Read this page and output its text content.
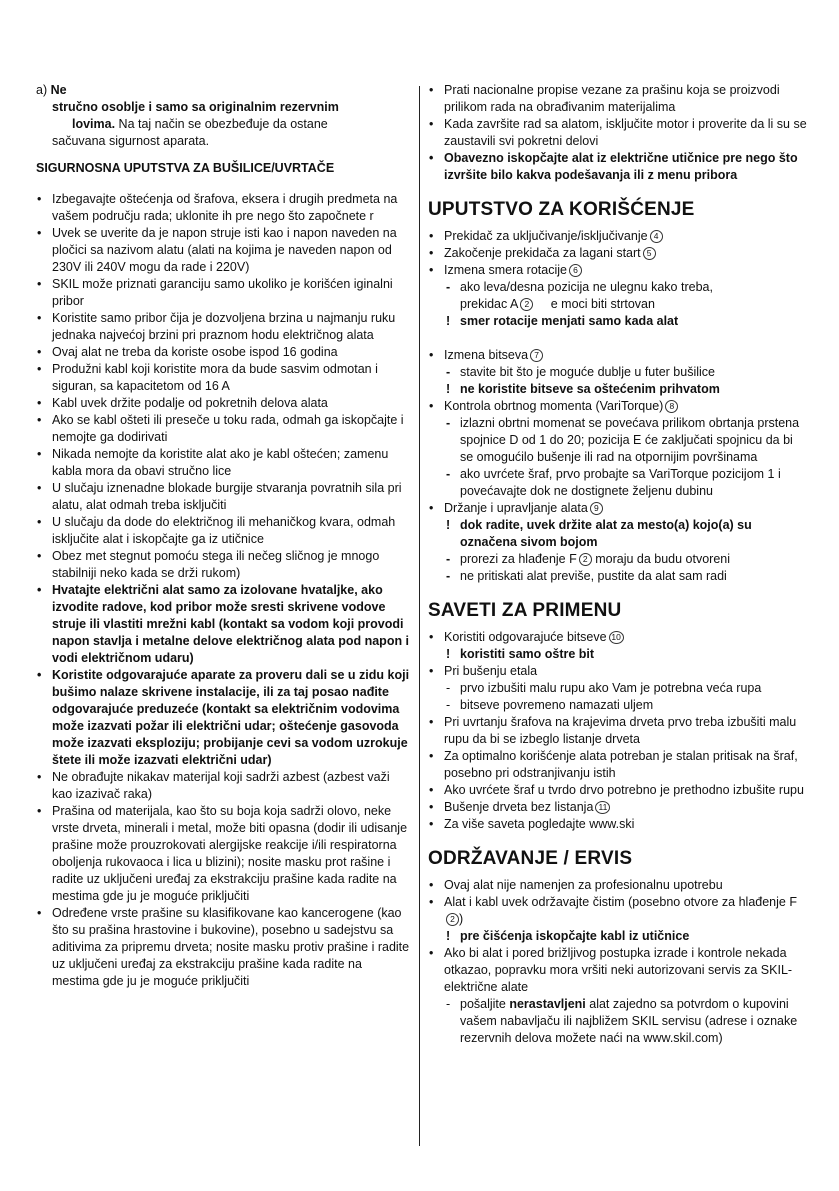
a) Ne

stručno osoblje i samo sa originalnim rezervnim

lovima. Na taj način se obezbeđuje da ostane

sačuvana sigurnost aparata.

SIGURNOSNA UPUTSTVA ZA BUŠILICE/UVRTAČE
• Izbegavajte oštećenja od šrafova, eksera i drugih predmeta na vašem području rada; uklonite ih pre nego što započnete r
• Uvek se uverite da je napon struje isti kao i napon naveden na pločici sa nazivom alatu (alati na kojima je naveden napon od 230V ili 240V mogu da rade i 220V)
• SKIL može priznati garanciju samo ukoliko je korišćen iginalni pribor
• Koristite samo pribor čija je dozvoljena brzina u najmanju ruku jednaka najvećoj brzini pri praznom hodu električnog alata
• Ovaj alat ne treba da koriste osobe ispod 16 godina
• Produžni kabl koji koristite mora da bude sasvim odmotan i siguran, sa kapacitetom od 16 A
• Kabl uvek držite podalje od pokretnih delova alata
• Ako se kabl ošteti ili preseče u toku rada, odmah ga iskopčajte i nemojte ga dodirivati
• Nikada nemojte da koristite alat ako je kabl oštećen; zamenu kabla mora da obavi stručno lice
• U slučaju iznenadne blokade burgije stvaranja povratnih sila pri alatu, alat odmah treba isključiti
• U slučaju da dode do električnog ili mehaničkog kvara, odmah isključite alat i iskopčajte ga iz utičnice
• Obez met stegnut pomoću stega ili nečeg sličnog je mnogo stabilniji neko kada se drži rukom)
• Hvatajte električni alat samo za izolovane hvataljke, ako izvodite radove, kod pribor može sresti skrivene vodove struje ili vlastiti mrežni kabl (kontakt sa vodom koji provodi napon stavlja i metalne delove električnog alata pod napon i vodi električnom udaru)
• Koristite odgovarajuće aparate za proveru dali se u zidu koji bušimo nalaze skrivene instalacije, ili za taj posao nađite odgovarajuće preduzeće (kontakt sa električnim vodovima može izazvati požar ili električni udar; oštećenje gasovoda može izazvati eksploziju; probijanje cevi sa vodom uzrokuje štete ili može izazvati električni udar)
• Ne obrađujte nikakav materijal koji sadrži azbest (azbest važi kao izazivač raka)
• Prašina od materijala, kao što su boja koja sadrži olovo, neke vrste drveta, minerali i metal, može biti opasna (dodir ili udisanje prašine može prouzrokovati alergijske reakcije i/ili respiratorna oboljenja rukovaoca i lica u blizini); nosite masku prot rašine i radite uz uključeni uređaj za ekstrakciju prašine kada radite na mestima gde ju je moguće priključiti
• Određene vrste prašine su klasifikovane kao kancerogene (kao što su prašina hrastovine i bukovine), posebno u sadejstvu sa aditivima za pripremu drveta; nosite masku protiv prašine i radite uz uključeni uređaj za ekstrakciju prašine kada radite na mestima gde ju je moguće priključiti
• Prati nacionalne propise vezane za prašinu koja se proizvodi prilikom rada na obrađivanim materijalima
• Kada završite rad sa alatom, isključite motor i proverite da li su se zaustavili svi pokretni delovi
• Obavezno iskopčajte alat iz električne utičnice pre nego što izvršite bilo kakva podešavanja ili z menu pribora
UPUTSTVO ZA KORIŠĆENJE
• Prekidač za uključivanje/isključivanje 4
• Zakočenje prekidača za lagani start 5
• Izmena smera rotacije 6
- ako leva/desna pozicija ne ulegnu kako treba,
prekidac A 2 e moci biti strtovan
! smer rotacije menjati samo kada alat
• Izmena bitseva 7
- stavite bit što je moguće dublje u futer bušilice
! ne koristite bitseve sa oštećenim prihvatom
• Kontrola obrtnog momenta (VariTorque) 8
- izlazni obrtni momenat se povećava prilikom obrtanja prstena spojnice D od 1 do 20; pozicija E će zaključati spojnicu da bi se omogućilo bušenje ili rad na otpornijim površinama
- ako uvrćete šraf, prvo probajte sa VariTorque pozicijom 1 i povećavajte dok ne dostignete željenu dubinu
• Držanje i upravljanje alata 9
! dok radite, uvek držite alat za mesto(a) kojo(a) su označena sivom bojom
- prorezi za hlađenje F 2 moraju da budu otvoreni
- ne pritiskati alat previše, pustite da alat sam radi
SAVETI ZA PRIMENU
• Koristiti odgovarajuće bitseve 10
! koristiti samo oštre bit
• Pri bušenju etala
- prvo izbušiti malu rupu ako Vam je potrebna veća rupa
- bitseve povremeno namazati uljem
• Pri uvrtanju šrafova na krajevima drveta prvo treba izbušiti malu rupu da bi se izbeglo listanje drveta
• Za optimalno korišćenje alata potreban je stalan pritisak na šraf, posebno pri odstranjivanju istih
• Ako uvrćete šraf u tvrdo drvo potrebno je prethodno izbušite rupu
• Bušenje drveta bez listanja 11
• Za više saveta pogledajte www.ski
ODRŽAVANJE / ERVIS
• Ovaj alat nije namenjen za profesionalnu upotrebu
• Alat i kabl uvek održavajte čistim (posebno otvore za hlađenje F2 )
! pre čišćenja iskopčajte kabl iz utičnice
• Ako bi alat i pored brižljivog postupka izrade i kontrole nekada otkazao, popravku mora vršiti neki autorizovani servis za SKIL-električne alate
- pošaljite nerastavljeni alat zajedno sa potvrdom o kupovini vašem nabavljaču ili najbližem SKIL servisu (adrese i oznake rezervnih delova možete naći na www.skil.com)
